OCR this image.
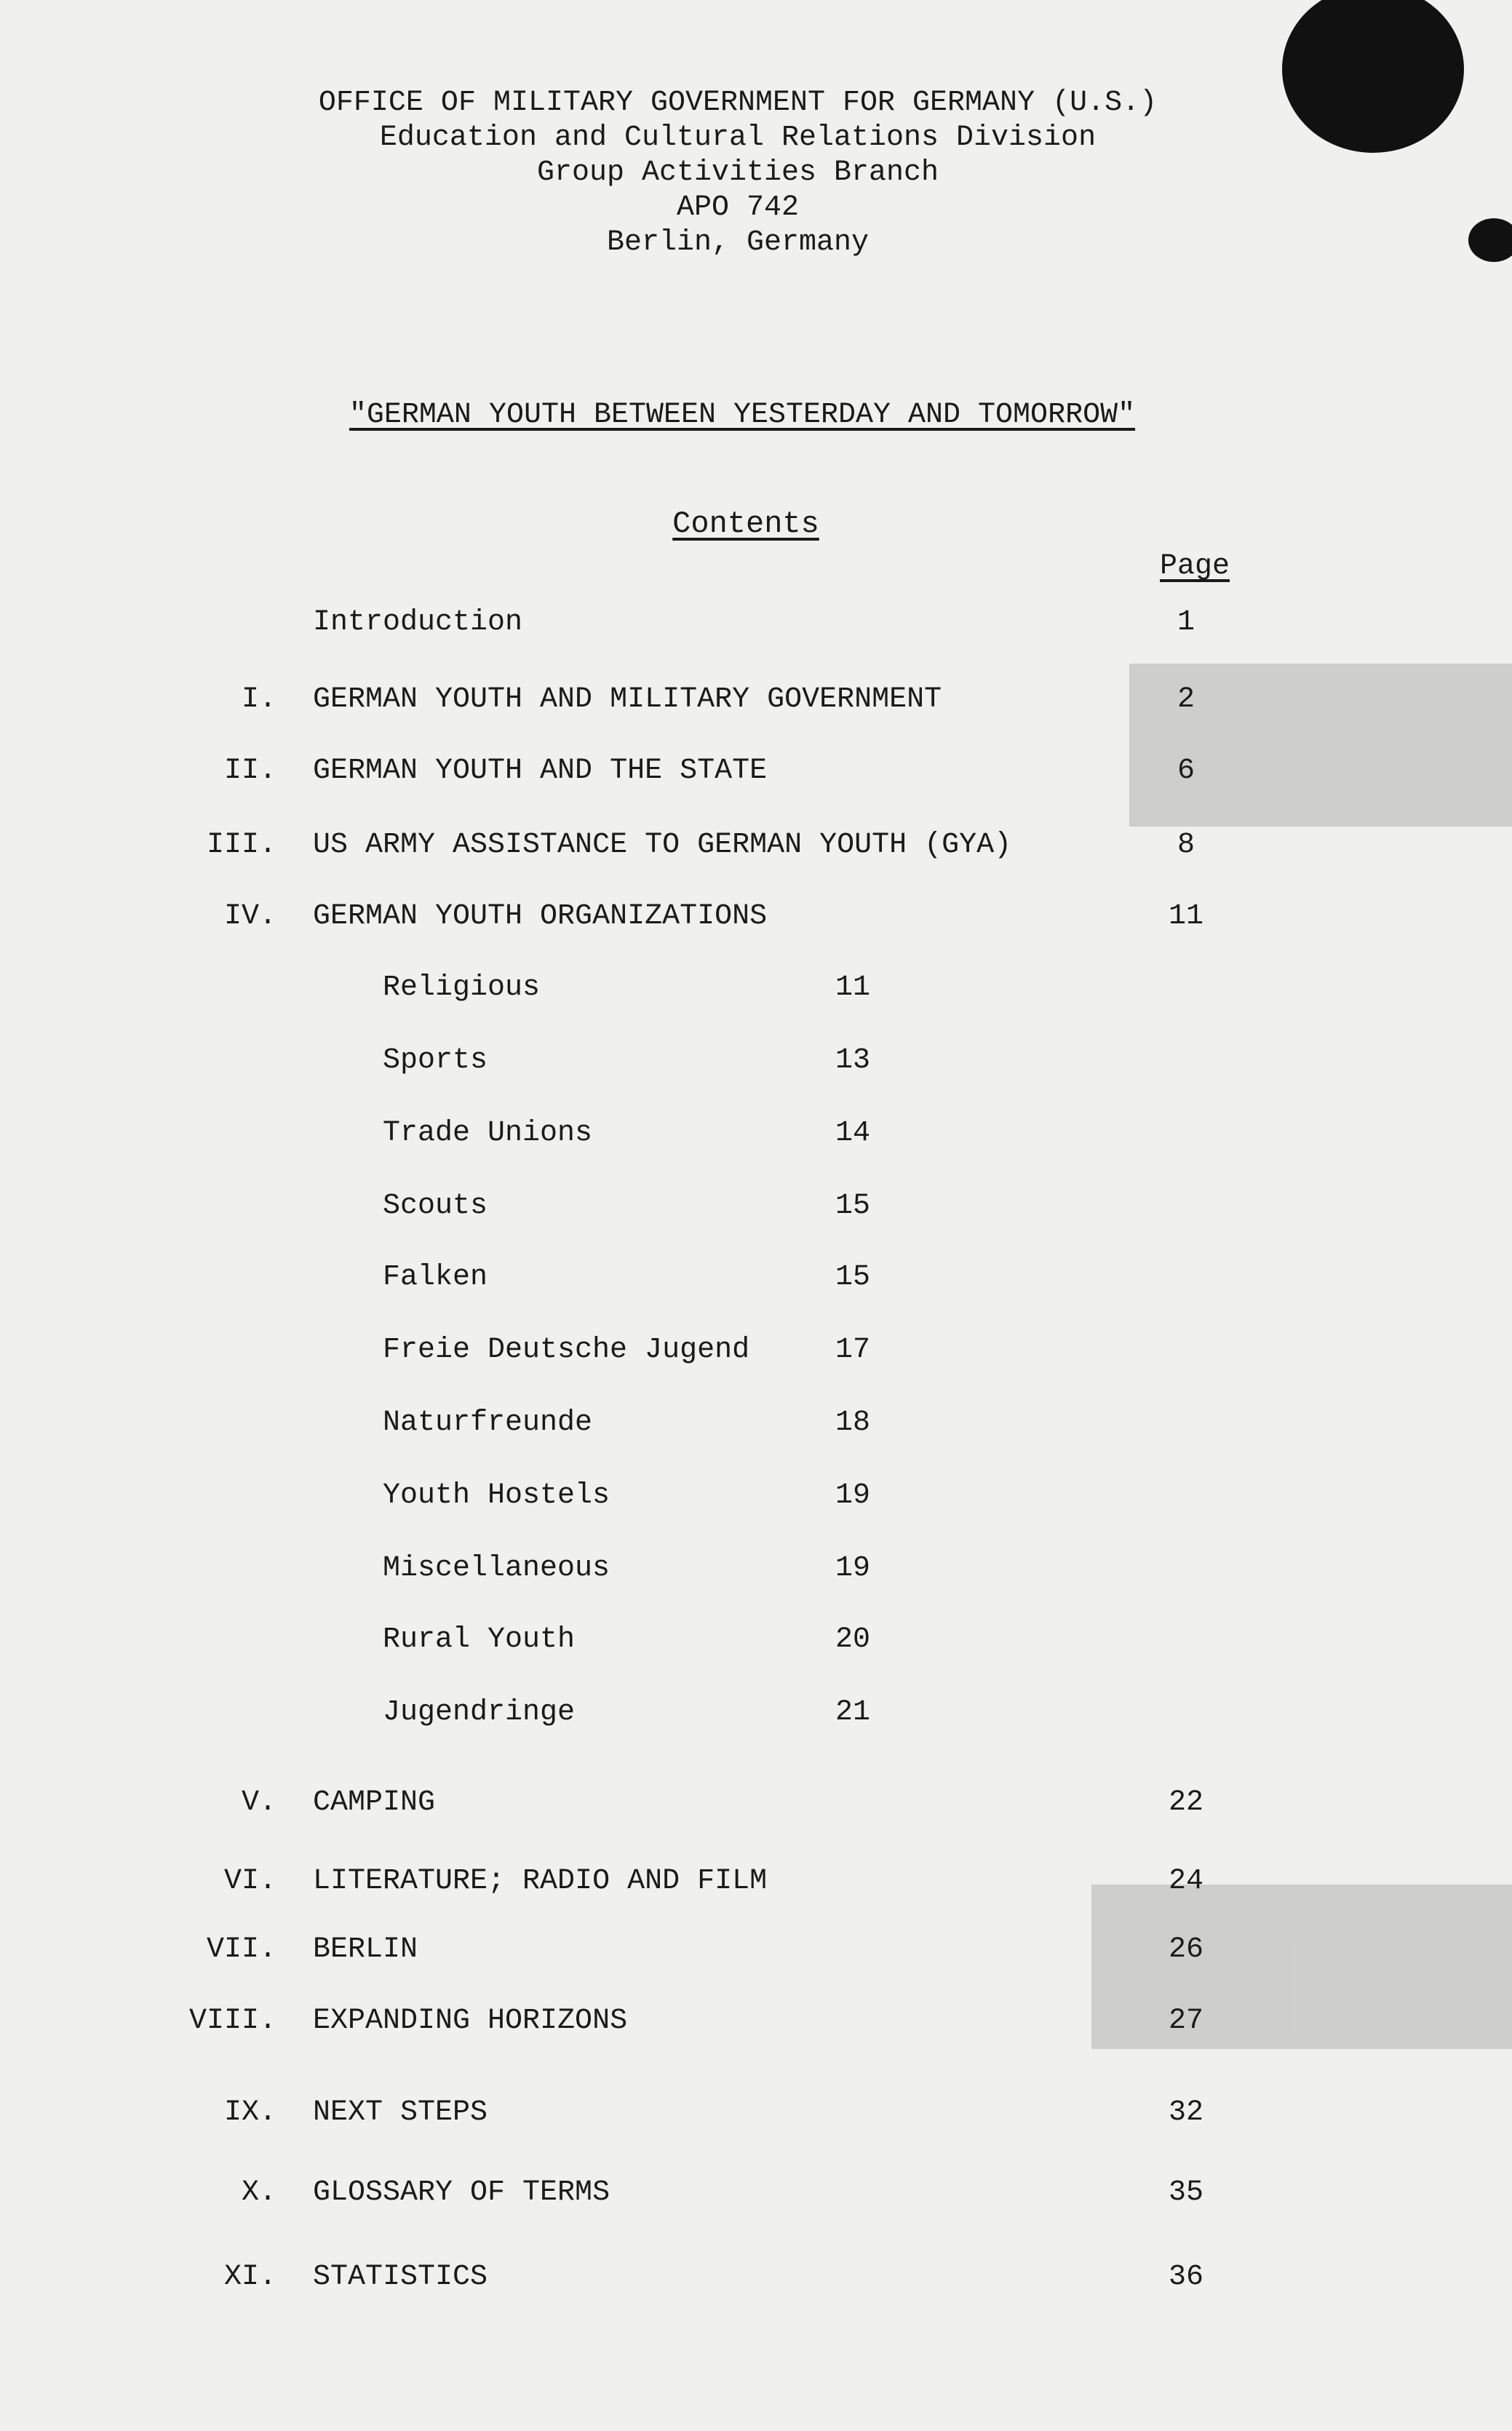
OFFICE OF MILITARY GOVERNMENT FOR GERMANY (U.S.)
Education and Cultural Relations Division
Group Activities Branch
APO 742
Berlin, Germany
"GERMAN YOUTH BETWEEN YESTERDAY AND TOMORROW"
Contents
Page
Introduction	1
I. GERMAN YOUTH AND MILITARY GOVERNMENT	2
II. GERMAN YOUTH AND THE STATE	6
III. US ARMY ASSISTANCE TO GERMAN YOUTH (GYA)	8
IV. GERMAN YOUTH ORGANIZATIONS	11
Religious	11
Sports	13
Trade Unions	14
Scouts	15
Falken	15
Freie Deutsche Jugend	17
Naturfreunde	18
Youth Hostels	19
Miscellaneous	19
Rural Youth	20
Jugendringe	21
V. CAMPING	22
VI. LITERATURE; RADIO AND FILM	24
VII. BERLIN	26
VIII. EXPANDING HORIZONS	27
IX. NEXT STEPS	32
X. GLOSSARY OF TERMS	35
XI. STATISTICS	36
